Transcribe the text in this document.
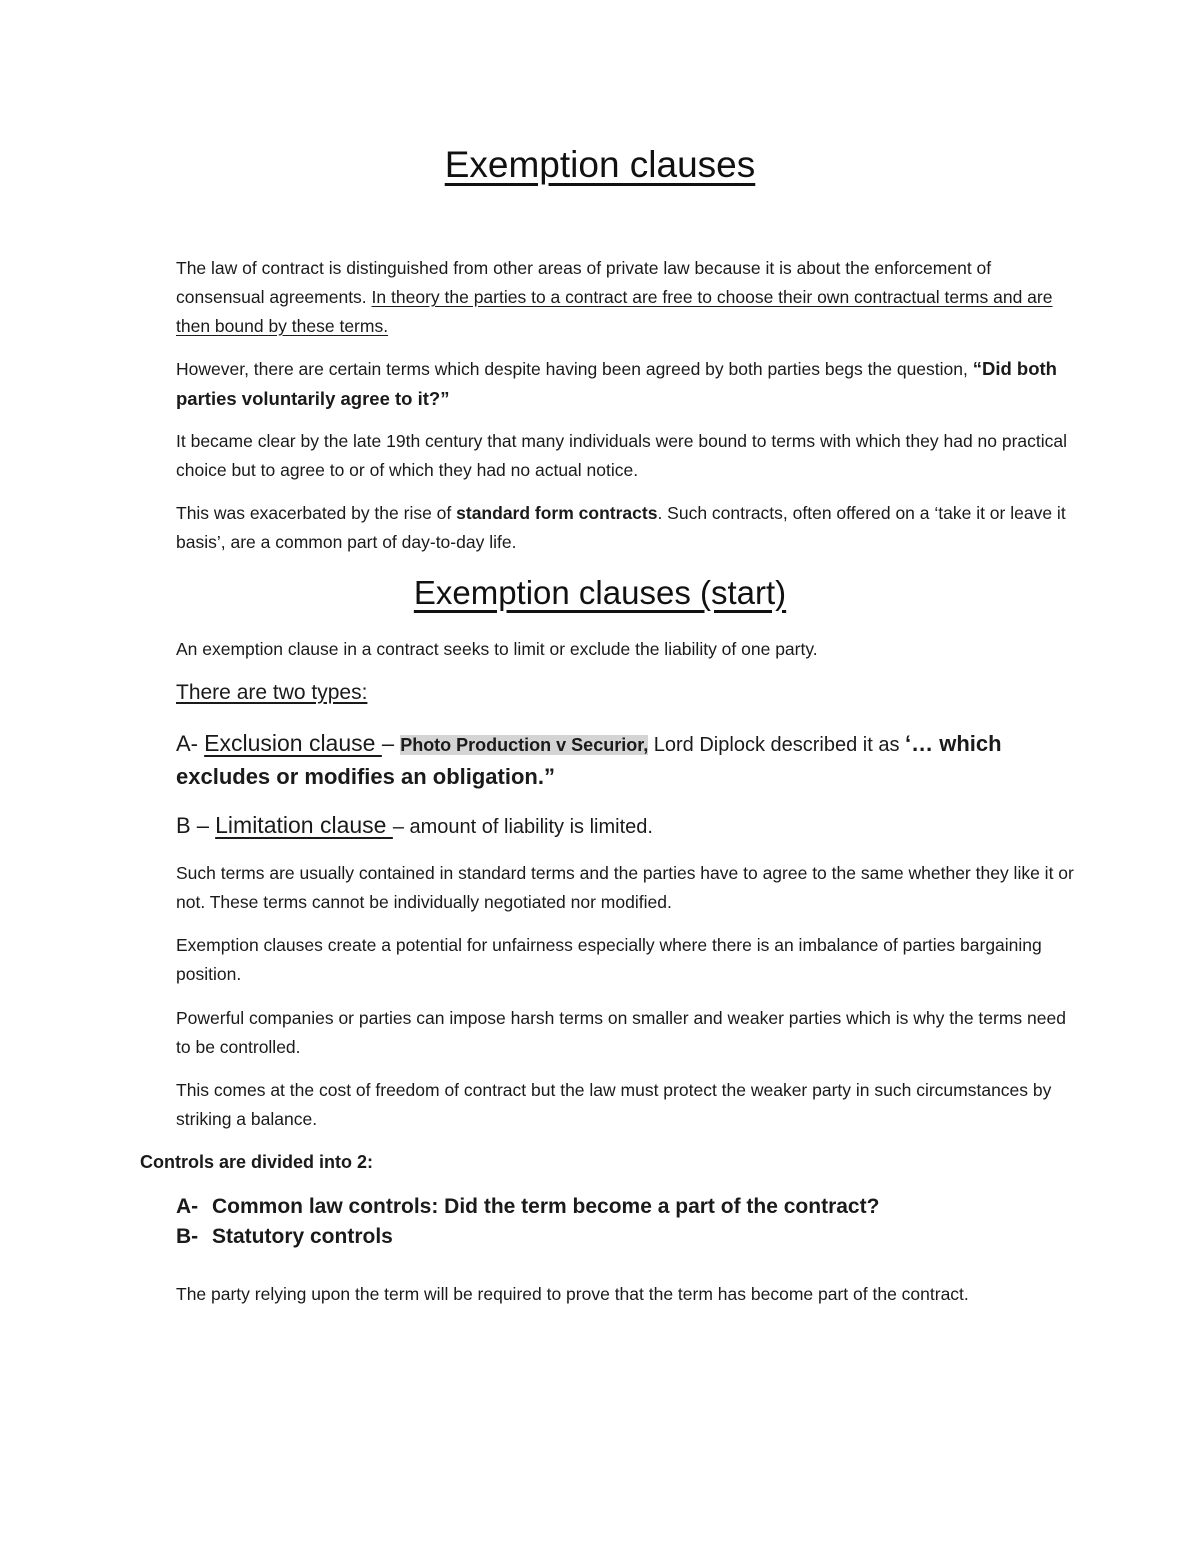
Exemption clauses

The law of contract is distinguished from other areas of private law because it is about the enforcement of consensual agreements. In theory the parties to a contract are free to choose their own contractual terms and are then bound by these terms.

However, there are certain terms which despite having been agreed by both parties begs the question, “Did both parties voluntarily agree to it?”

It became clear by the late 19th century that many individuals were bound to terms with which they had no practical choice but to agree to or of which they had no actual notice.

This was exacerbated by the rise of standard form contracts. Such contracts, often offered on a ‘take it or leave it basis’, are a common part of day-to-day life.

Exemption clauses (start)

An exemption clause in a contract seeks to limit or exclude the liability of one party.

There are two types:

A- Exclusion clause – Photo Production v Securior, Lord Diplock described it as ‘… which excludes or modifies an obligation.”

B – Limitation clause – amount of liability is limited.

Such terms are usually contained in standard terms and the parties have to agree to the same whether they like it or not. These terms cannot be individually negotiated nor modified.

Exemption clauses create a potential for unfairness especially where there is an imbalance of parties bargaining position.

Powerful companies or parties can impose harsh terms on smaller and weaker parties which is why the terms need to be controlled.

This comes at the cost of freedom of contract but the law must protect the weaker party in such circumstances by striking a balance.

Controls are divided into 2:

A- Common law controls: Did the term become a part of the contract?

B- Statutory controls

The party relying upon the term will be required to prove that the term has become part of the contract.
